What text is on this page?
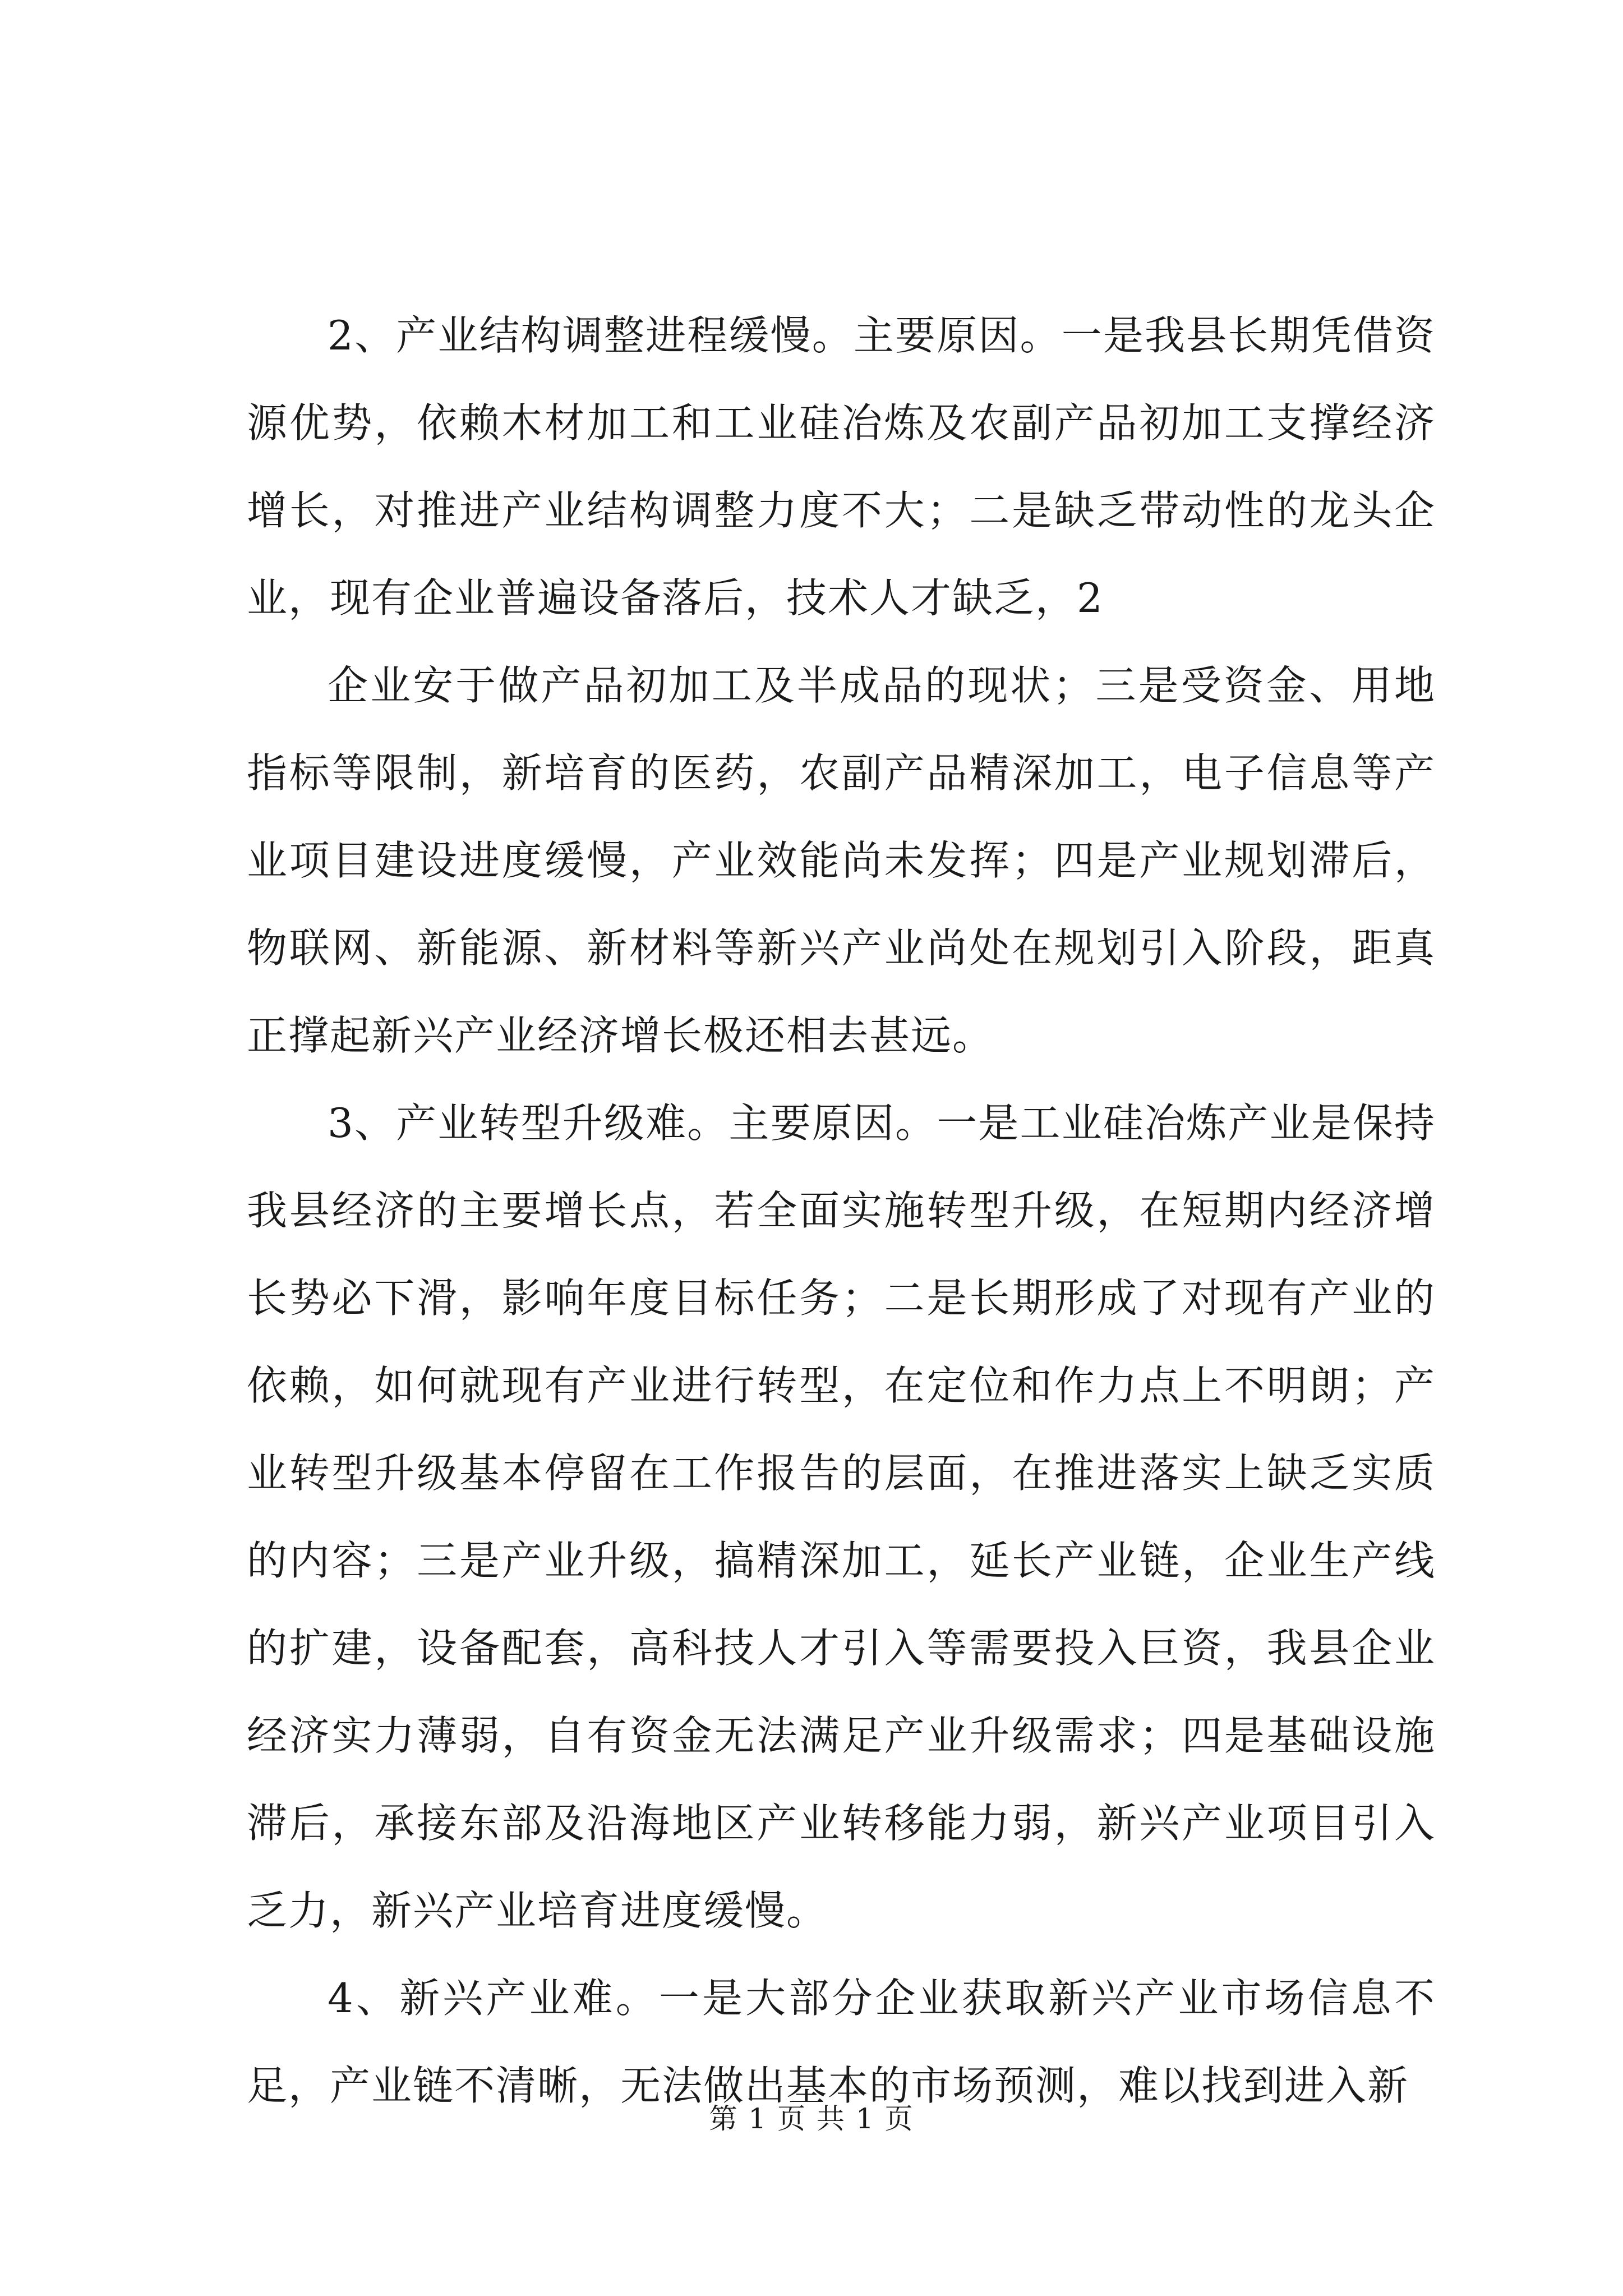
2、产业结构调整进程缓慢。主要原因。一是我县长期凭借资源优势，依赖木材加工和工业硅冶炼及农副产品初加工支撑经济增长，对推进产业结构调整力度不大；二是缺乏带动性的龙头企业，现有企业普遍设备落后，技术人才缺乏，2

企业安于做产品初加工及半成品的现状；三是受资金、用地指标等限制，新培育的医药，农副产品精深加工，电子信息等产业项目建设进度缓慢，产业效能尚未发挥；四是产业规划滞后，物联网、新能源、新材料等新兴产业尚处在规划引入阶段，距真正撑起新兴产业经济增长极还相去甚远。

3、产业转型升级难。主要原因。一是工业硅冶炼产业是保持我县经济的主要增长点，若全面实施转型升级，在短期内经济增长势必下滑，影响年度目标任务；二是长期形成了对现有产业的依赖，如何就现有产业进行转型，在定位和作力点上不明朗；产业转型升级基本停留在工作报告的层面，在推进落实上缺乏实质的内容；三是产业升级，搞精深加工，延长产业链，企业生产线的扩建，设备配套，高科技人才引入等需要投入巨资，我县企业经济实力薄弱，自有资金无法满足产业升级需求；四是基础设施滞后，承接东部及沿海地区产业转移能力弱，新兴产业项目引入乏力，新兴产业培育进度缓慢。

4、新兴产业难。一是大部分企业获取新兴产业市场信息不足，产业链不清晰，无法做出基本的市场预测，难以找到进入新

第 1 页 共 1 页
